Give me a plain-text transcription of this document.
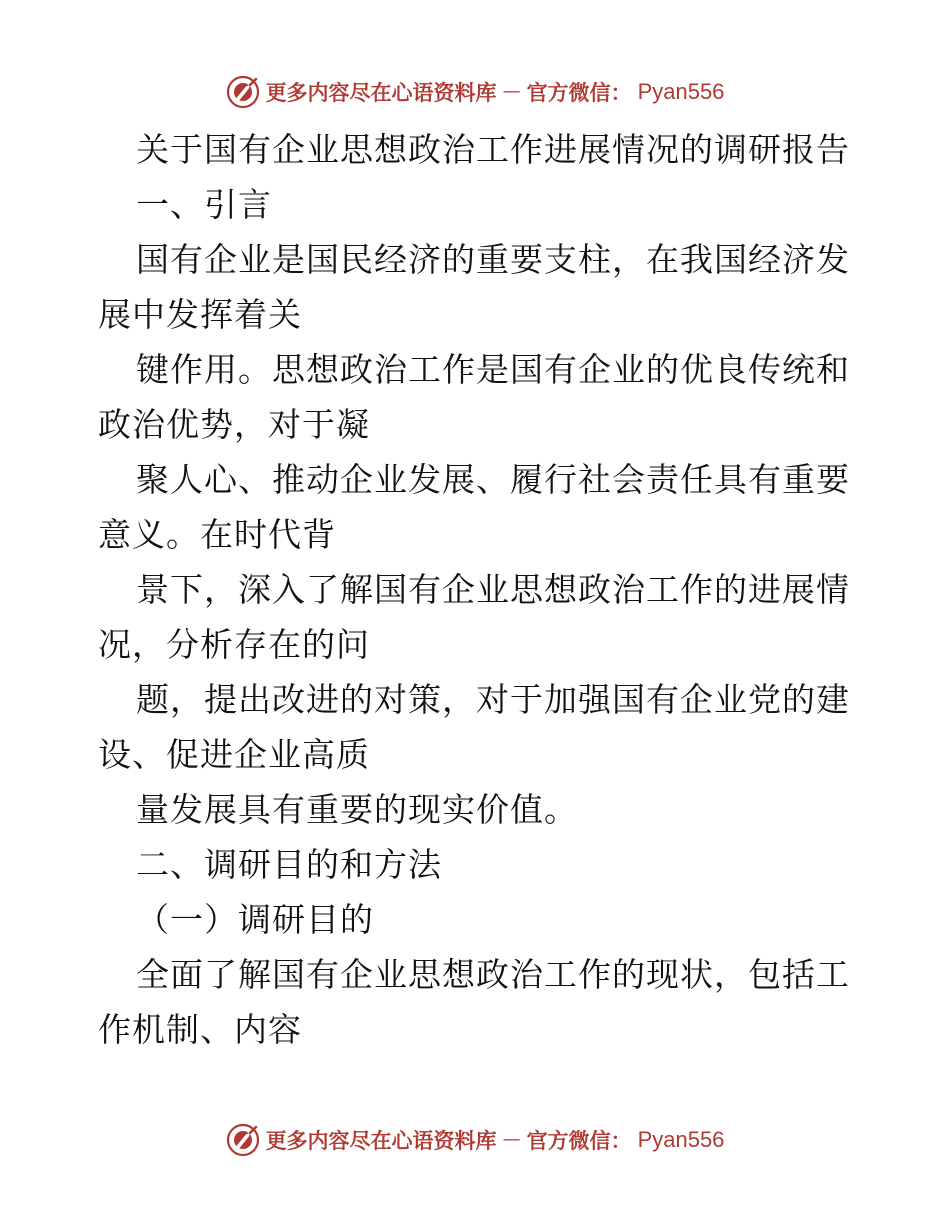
更多内容尽在心语资料库 — 官方微信： Pyan556
关于国有企业思想政治工作进展情况的调研报告
一、引言
国有企业是国民经济的重要支柱，在我国经济发
展中发挥着关
键作用。思想政治工作是国有企业的优良传统和
政治优势，对于凝
聚人心、推动企业发展、履行社会责任具有重要
意义。在时代背
景下，深入了解国有企业思想政治工作的进展情
况，分析存在的问
题，提出改进的对策，对于加强国有企业党的建
设、促进企业高质
量发展具有重要的现实价值。
二、调研目的和方法
（一）调研目的
全面了解国有企业思想政治工作的现状，包括工
作机制、内容
更多内容尽在心语资料库 — 官方微信： Pyan556
